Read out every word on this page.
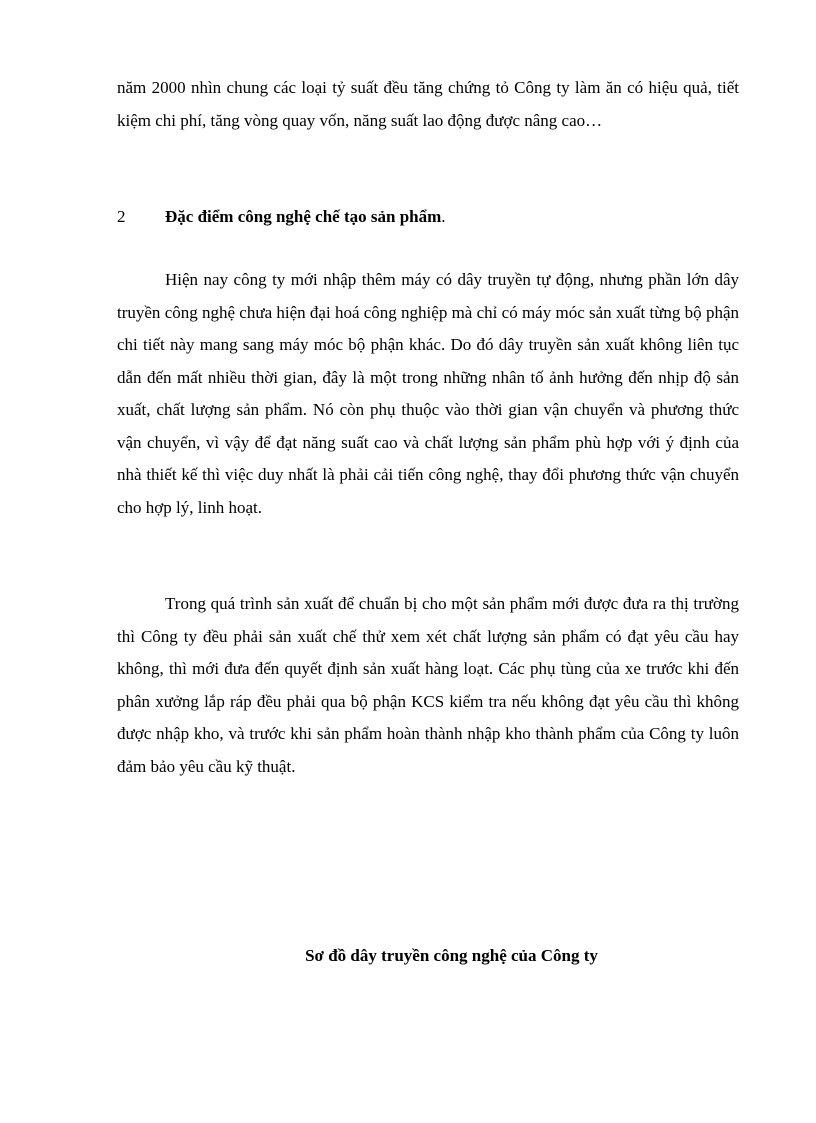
năm 2000 nhìn chung các loại tỷ suất đều tăng chứng tỏ Công ty làm ăn có hiệu quả, tiết kiệm chi phí, tăng vòng quay vốn, năng suất lao động được nâng cao…

2 Đặc điểm công nghệ chế tạo sản phẩm.

Hiện nay công ty mới nhập thêm máy có dây truyền tự động, nhưng phần lớn dây truyền công nghệ chưa hiện đại hoá công nghiệp mà chỉ có máy móc sản xuất từng bộ phận chi tiết này mang sang máy móc bộ phận khác. Do đó dây truyền sản xuất không liên tục dẫn đến mất nhiều thời gian, đây là một trong những nhân tố ảnh hưởng đến nhịp độ sản xuất, chất lượng sản phẩm. Nó còn phụ thuộc vào thời gian vận chuyển và phương thức vận chuyển, vì vậy để đạt năng suất cao và chất lượng sản phẩm phù hợp với ý định của nhà thiết kế thì việc duy nhất là phải cải tiến công nghệ, thay đổi phương thức vận chuyển cho hợp lý, linh hoạt.

Trong quá trình sản xuất để chuẩn bị cho một sản phẩm mới được đưa ra thị trường thì Công ty đều phải sản xuất chế thử xem xét chất lượng sản phẩm có đạt yêu cầu hay không, thì mới đưa đến quyết định sản xuất hàng loạt. Các phụ tùng của xe trước khi đến phân xưởng lắp ráp đều phải qua bộ phận KCS kiểm tra nếu không đạt yêu cầu thì không được nhập kho, và trước khi sản phẩm hoàn thành nhập kho thành phẩm của Công ty luôn đảm bảo yêu cầu kỹ thuật.

Sơ đồ dây truyền công nghệ của Công ty
